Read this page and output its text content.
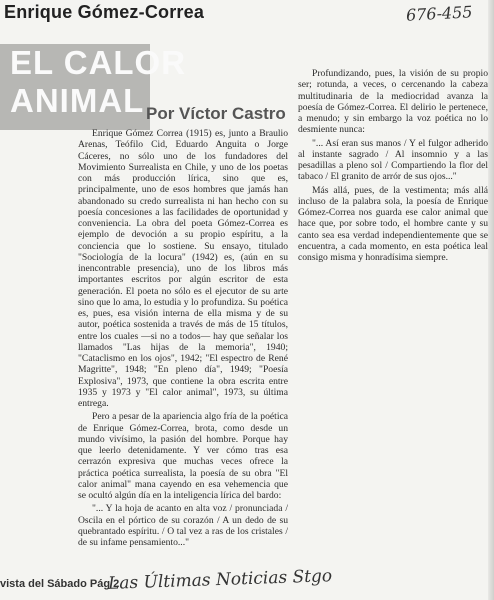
Enrique Gómez-Correa	676-455
EL CALOR
ANIMAL Por Víctor Castro

Enrique Gómez Correa (1915) es, junto a Braulio Arenas, Teófilo Cid, Eduardo Anguita o Jorge Cáceres, no sólo uno de los fundadores del Movimiento Surrealista en Chile, y uno de los poetas con más producción lírica, sino que es, principalmente, uno de esos hombres que jamás han abandonado su credo surrealista ni han hecho con su poesía concesiones a las facilidades de oportunidad y conveniencia. La obra del poeta Gómez-Correa es ejemplo de devoción a su propio espíritu, a la conciencia que lo sostiene. Su ensayo, titulado "Sociología de la locura" (1942) es, (aún en su inencontrable presencia), uno de los libros más importantes escritos por algún escritor de esta generación. El poeta no sólo es el ejecutor de su arte sino que lo ama, lo estudia y lo profundiza. Su poética es, pues, esa visión interna de ella misma y de su autor, poética sostenida a través de más de 15 títulos, entre los cuales —si no a todos— hay que señalar los llamados "Las hijas de la memoria", 1940; "Cataclismo en los ojos", 1942; "El espectro de René Magritte", 1948; "En pleno día", 1949; "Poesía Explosiva", 1973, que contiene la obra escrita entre 1935 y 1973 y "El calor animal", 1973, su última entrega.

Pero a pesar de la apariencia algo fría de la poética de Enrique Gómez-Correa, brota, como desde un mundo vivísimo, la pasión del hombre. Porque hay que leerlo detenidamente. Y ver cómo tras esa cerrazón expresiva que muchas veces ofrece la práctica poética surrealista, la poesía de su obra "El calor animal" mana cayendo en esa vehemencia que se ocultó algún día en la inteligencia lírica del bardo:

"... Y la hoja de acanto en alta voz / pronunciada / Oscila en el pórtico de su corazón / A un dedo de su quebrantado espíritu. / O tal vez a ras de los cristales / de su infame pensamiento..."

Profundizando, pues, la visión de su propio ser; rotunda, a veces, o cercenando la cabeza multitudinaria de la mediocridad avanza la poesía de Gómez-Correa. El delirio le pertenece, a menudo; y sin embargo la voz poética no lo desmiente nunca:

"... Así eran sus manos / Y el fulgor adherido al instante sagrado / Al insomnio y a las pesadillas a pleno sol / Compartiendo la flor del tabaco / El granito de arrór de sus ojos..."

Más allá, pues, de la vestimenta; más allá incluso de la palabra sola, la poesía de Enrique Gómez-Correa nos guarda ese calor animal que hace que, por sobre todo, el hombre cante y su canto sea esa verdad independientemente que se encuentra, a cada momento, en esta poética leal consigo misma y honradísima siempre.

vista del Sábado Pág 2
Las Últimas Noticias Stgo
